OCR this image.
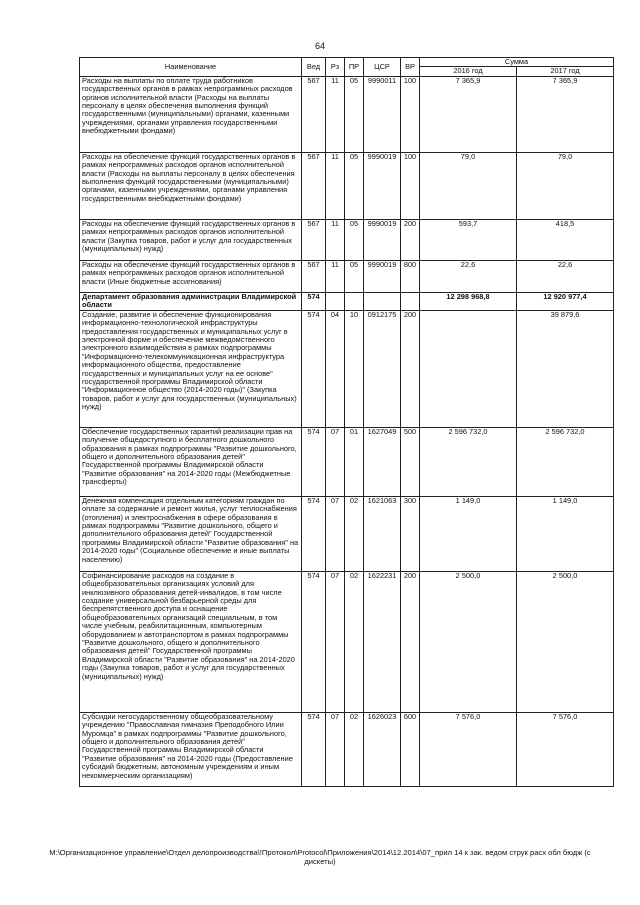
64
Наименование	Вед	Рз	ПР	ЦСР	ВР	Сумма	
						2016 год	2017 год
Расходы на выплаты по оплате труда работников государственных органов в рамках непрограммных расходов органов исполнительной власти (Расходы на выплаты персоналу в целях обеспечения выполнения функций государственными (муниципальными) органами, казенными учреждениями, органами управления государственными внебюджетными фондами)	567	11	05	9990011	100	7 365,9	7 365,9
Расходы на обеспечение функций государственных органов в рамках непрограммных расходов органов исполнительной власти (Расходы на выплаты персоналу в целях обеспечения выполнения функций государственными (муниципальными) органами, казенными учреждениями, органами управления государственными внебюджетными фондами)	567	11	05	9990019	100	79,0	79,0
Расходы на обеспечение функций государственных органов в рамках непрограммных расходов органов исполнительной власти (Закупка товаров, работ и услуг для государственных (муниципальных) нужд)	567	11	05	9990019	200	593,7	418,5
Расходы на обеспечение функций государственных органов в рамках непрограммных расходов органов исполнительной власти (Иные бюджетные ассигнования)	567	11	05	9990019	800	22,6	22,6
Департамент образования администрации Владимирской области	574					12 298 968,8	12 920 977,4
Создание, развитие и обеспечение функционирования информационно-технологической инфраструктуры предоставления государственных и муниципальных услуг в электронной форме и обеспечение межведомственного электронного взаимодействия в рамках подпрограммы "Информационно-телекоммуникационная инфраструктура информационного общества, предоставление государственных и муниципальных услуг на ее основе" государственной программы Владимирской области "Информационное общество (2014-2020 годы)" (Закупка товаров, работ и услуг для государственных (муниципальных) нужд)	574	04	10	0912175	200		39 879,6
Обеспечение государственных гарантий реализации прав на получение общедоступного и бесплатного дошкольного образования в рамках подпрограммы "Развитие дошкольного, общего и дополнительного образования детей" Государственной программы Владимирской области "Развитие образования" на 2014-2020 годы (Межбюджетные трансферты)	574	07	01	1627049	500	2 596 732,0	2 596 732,0
Денежная компенсация отдельным категориям граждан по оплате за содержание и ремонт жилья, услуг теплоснабжения (отопления) и электроснабжения в сфере образования в рамках подпрограммы "Развитие дошкольного, общего и дополнительного образования детей" Государственной программы Владимирской области "Развитие образования" на 2014-2020 годы" (Социальное обеспечение и иные выплаты населению)	574	07	02	1621063	300	1 149,0	1 149,0
Софинансирование расходов на создание в общеобразовательных организациях условий для инклюзивного образования детей-инвалидов, в том числе создание универсальной безбарьерной среды для беспрепятственного доступа и оснащение общеобразовательных организаций специальным, в том числе учебным, реабилитационным, компьютерным оборудованием и автотранспортом в рамках подпрограммы "Развитие дошкольного, общего и дополнительного образования детей" Государственной программы Владимирской области "Развитие образования" на 2014-2020 годы (Закупка товаров, работ и услуг для государственных (муниципальных) нужд)	574	07	02	1622231	200	2 500,0	2 500,0
Субсидии негосударственному общеобразовательному учреждению "Православная гимназия Преподобного Илии Муромца" в рамках подпрограммы "Развитие дошкольного, общего и дополнительного образования детей" Государственной программы Владимирской области "Развитие образования" на 2014-2020 годы (Предоставление субсидий бюджетным, автономным учреждениям и иным некоммерческим организациям)	574	07	02	1626023	600	7 576,0	7 576,0
M:\Организационное управление\Отдел делопроизводства\!Протокол\Protocol\Приложения\2014\12.2014\07_прил 14 к зак. ведом струк расх обл бюдж (с дискеты)
